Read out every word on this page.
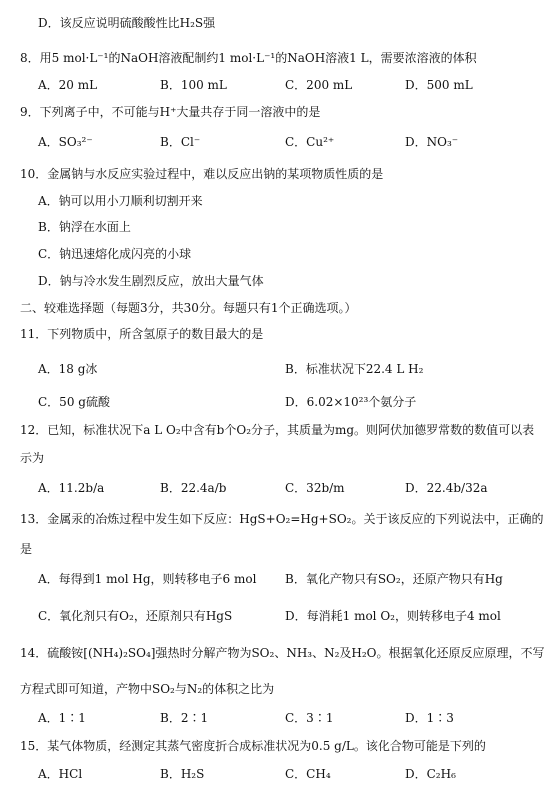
D．该反应说明硫酸酸性比H₂S强
8．用5 mol·L⁻¹的NaOH溶液配制约1 mol·L⁻¹的NaOH溶液1 L，需要浓溶液的体积
A．20 mL	B．100 mL	C．200 mL	D．500 mL
9．下列离子中，不可能与H⁺大量共存于同一溶液中的是
A．SO₃²⁻	B．Cl⁻	C．Cu²⁺	D．NO₃⁻
10．金属钠与水反应实验过程中，难以反应出钠的某项物质性质的是
A．钠可以用小刀顺利切割开来
B．钠浮在水面上
C．钠迅速熔化成闪亮的小球
D．钠与冷水发生剧烈反应，放出大量气体
二、较难选择题（每题3分，共30分。每题只有1个正确选项。）
11．下列物质中，所含氢原子的数目最大的是
A．18 g冰	B．标准状况下22.4 L H₂
C．50 g硫酸	D．6.02×10²³个氨分子
12．已知，标准状况下a L O₂中含有b个O₂分子，其质量为mg。则阿伏加德罗常数的数值可以表
示为
A．11.2b/a	B．22.4a/b	C．32b/m	D．22.4b/32a
13．金属汞的冶炼过程中发生如下反应：HgS+O₂=Hg+SO₂。关于该反应的下列说法中，正确的
是
A．每得到1 mol Hg，则转移电子6 mol B．氧化产物只有SO₂，还原产物只有Hg
C．氧化剂只有O₂，还原剂只有HgS	D．每消耗1 mol O₂，则转移电子4 mol
14．硫酸铵[(NH₄)₂SO₄]强热时分解产物为SO₂、NH₃、N₂及H₂O。根据氧化还原反应原理，不写
方程式即可知道，产物中SO₂与N₂的体积之比为
A．1∶1	B．2∶1	C．3∶1	D．1∶3
15．某气体物质，经测定其蒸气密度折合成标准状况为0.5 g/L。该化合物可能是下列的
A．HCl	B．H₂S	C．CH₄	D．C₂H₆
